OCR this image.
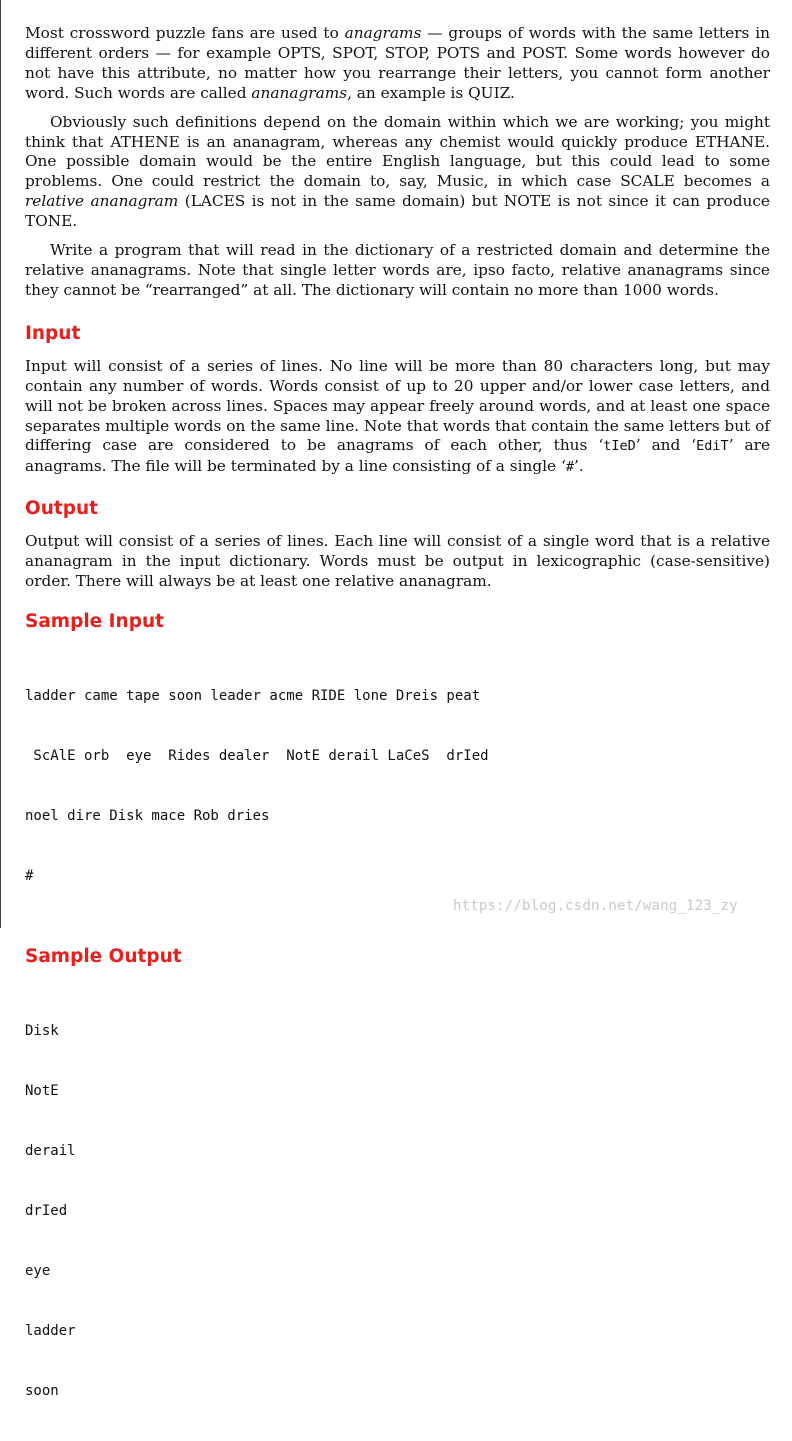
Most crossword puzzle fans are used to anagrams — groups of words with the same letters in different orders — for example OPTS, SPOT, STOP, POTS and POST. Some words however do not have this attribute, no matter how you rearrange their letters, you cannot form another word. Such words are called ananagrams, an example is QUIZ.

Obviously such definitions depend on the domain within which we are working; you might think that ATHENE is an ananagram, whereas any chemist would quickly produce ETHANE. One possible domain would be the entire English language, but this could lead to some problems. One could restrict the domain to, say, Music, in which case SCALE becomes a relative ananagram (LACES is not in the same domain) but NOTE is not since it can produce TONE.

Write a program that will read in the dictionary of a restricted domain and determine the relative ananagrams. Note that single letter words are, ipso facto, relative ananagrams since they cannot be “rearranged” at all. The dictionary will contain no more than 1000 words.

Input

Input will consist of a series of lines. No line will be more than 80 characters long, but may contain any number of words. Words consist of up to 20 upper and/or lower case letters, and will not be broken across lines. Spaces may appear freely around words, and at least one space separates multiple words on the same line. Note that words that contain the same letters but of differing case are considered to be anagrams of each other, thus ‘tIeD’ and ‘EdiT’ are anagrams. The file will be terminated by a line consisting of a single ‘#’.

Output

Output will consist of a series of lines. Each line will consist of a single word that is a relative ananagram in the input dictionary. Words must be output in lexicographic (case-sensitive) order. There will always be at least one relative ananagram.

Sample Input

ladder came tape soon leader acme RIDE lone Dreis peat

ScAlE orb  eye  Rides dealer  NotE derail LaCeS  drIed

noel dire Disk mace Rob dries

#

Sample Output

Disk

NotE

derail

drIed

eye

ladder

soon

https://blog.csdn.net/wang_123_zy
